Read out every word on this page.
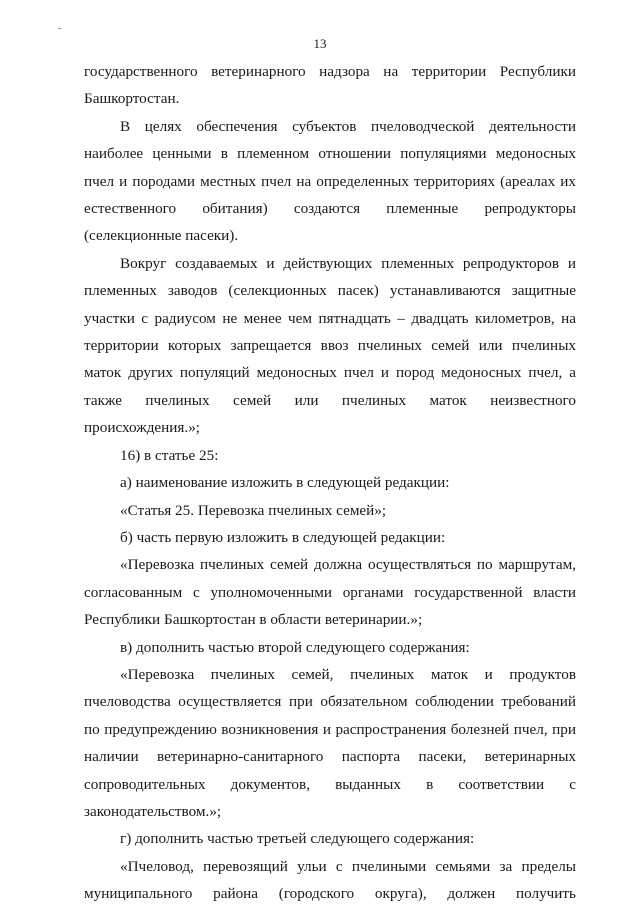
13

государственного ветеринарного надзора на территории Республики Башкортостан.

В целях обеспечения субъектов пчеловодческой деятельности наиболее ценными в племенном отношении популяциями медоносных пчел и породами местных пчел на определенных территориях (ареалах их естественного обитания) создаются племенные репродукторы (селекционные пасеки).

Вокруг создаваемых и действующих племенных репродукторов и племенных заводов (селекционных пасек) устанавливаются защитные участки с радиусом не менее чем пятнадцать – двадцать километров, на территории которых запрещается ввоз пчелиных семей или пчелиных маток других популяций медоносных пчел и пород медоносных пчел, а также пчелиных семей или пчелиных маток неизвестного происхождения.»;

16) в статье 25:

а) наименование изложить в следующей редакции:

«Статья 25. Перевозка пчелиных семей»;

б) часть первую изложить в следующей редакции:

«Перевозка пчелиных семей должна осуществляться по маршрутам, согласованным с уполномоченными органами государственной власти Республики Башкортостан в области ветеринарии.»;

в) дополнить частью второй следующего содержания:

«Перевозка пчелиных семей, пчелиных маток и продуктов пчеловодства осуществляется при обязательном соблюдении требований по предупреждению возникновения и распространения болезней пчел, при наличии ветеринарно-санитарного паспорта пасеки, ветеринарных сопроводительных документов, выданных в соответствии с законодательством.»;

г) дополнить частью третьей следующего содержания:

«Пчеловод, перевозящий ульи с пчелиными семьями за пределы муниципального района (городского округа), должен получить
